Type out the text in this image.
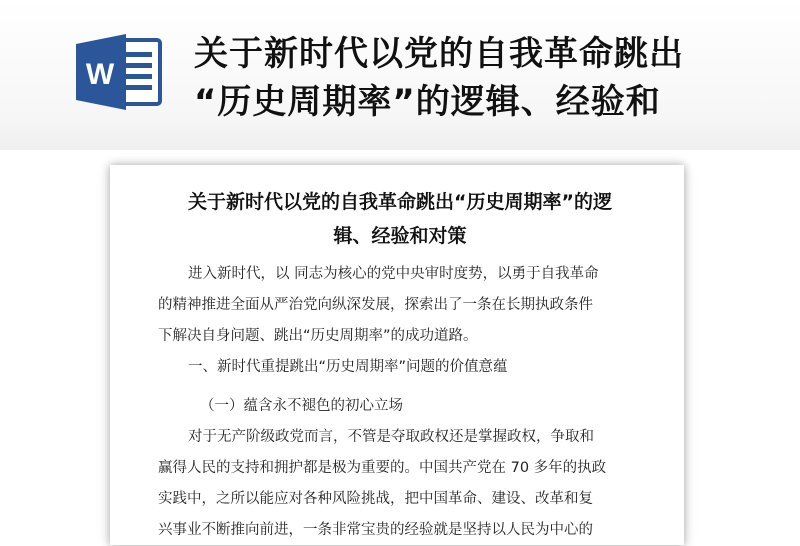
W
关于新时代以党的自我革命跳出
“历史周期率”的逻辑、经验和
关于新时代以党的自我革命跳出“历史周期率”的逻
辑、经验和对策
进入新时代，以 同志为核心的党中央审时度势，以勇于自我革命
的精神推进全面从严治党向纵深发展，探索出了一条在长期执政条件
下解决自身问题、跳出“历史周期率”的成功道路。
一、新时代重提跳出“历史周期率”问题的价值意蕴
（一）蕴含永不褪色的初心立场
对于无产阶级政党而言，不管是夺取政权还是掌握政权，争取和
赢得人民的支持和拥护都是极为重要的。中国共产党在 70 多年的执政
实践中，之所以能应对各种风险挑战，把中国革命、建设、改革和复
兴事业不断推向前进，一条非常宝贵的经验就是坚持以人民为中心的
